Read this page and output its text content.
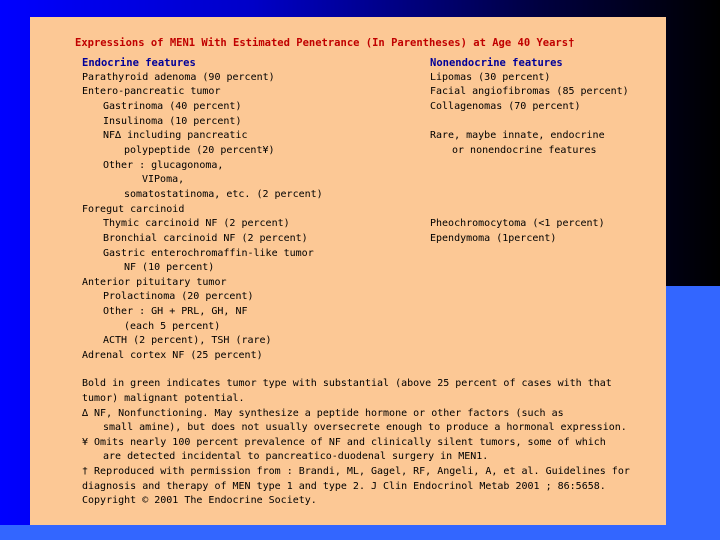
Expressions of MEN1 With Estimated Penetrance (In Parentheses) at Age 40 Years†
Endocrine features	Nonendocrine features
Parathyroid adenoma (90 percent)
Entero-pancreatic tumor
Gastrinoma (40 percent)
Insulinoma (10 percent)
NF∆ including pancreatic
polypeptide (20 percent¥)
Other : glucagonoma,
VIPoma,
somatostatinoma, etc. (2 percent)
Foregut carcinoid
Thymic carcinoid NF (2 percent)
Bronchial carcinoid NF (2 percent)
Gastric enterochromaffin-like tumor
NF (10 percent)
Anterior pituitary tumor
Prolactinoma (20 percent)
Other : GH + PRL, GH, NF
(each 5 percent)
ACTH (2 percent), TSH (rare)
Adrenal cortex NF (25 percent)
Lipomas (30 percent)
Facial angiofibromas (85 percent)
Collagenomas (70 percent)
Rare, maybe innate, endocrine
or nonendocrine features
Pheochromocytoma (<1 percent)
Ependymoma (1percent)
Bold in green indicates tumor type with substantial (above 25 percent of cases with that
tumor) malignant potential.
∆ NF, Nonfunctioning. May synthesize a peptide hormone or other factors (such as
small amine), but does not usually oversecrete enough to produce a hormonal expression.
¥ Omits nearly 100 percent prevalence of NF and clinically silent tumors, some of which
are detected incidental to pancreatico-duodenal surgery in MEN1.
† Reproduced with permission from : Brandi, ML, Gagel, RF, Angeli, A, et al. Guidelines for
diagnosis and therapy of MEN type 1 and type 2. J Clin Endocrinol Metab 2001 ; 86:5658.
Copyright © 2001 The Endocrine Society.
